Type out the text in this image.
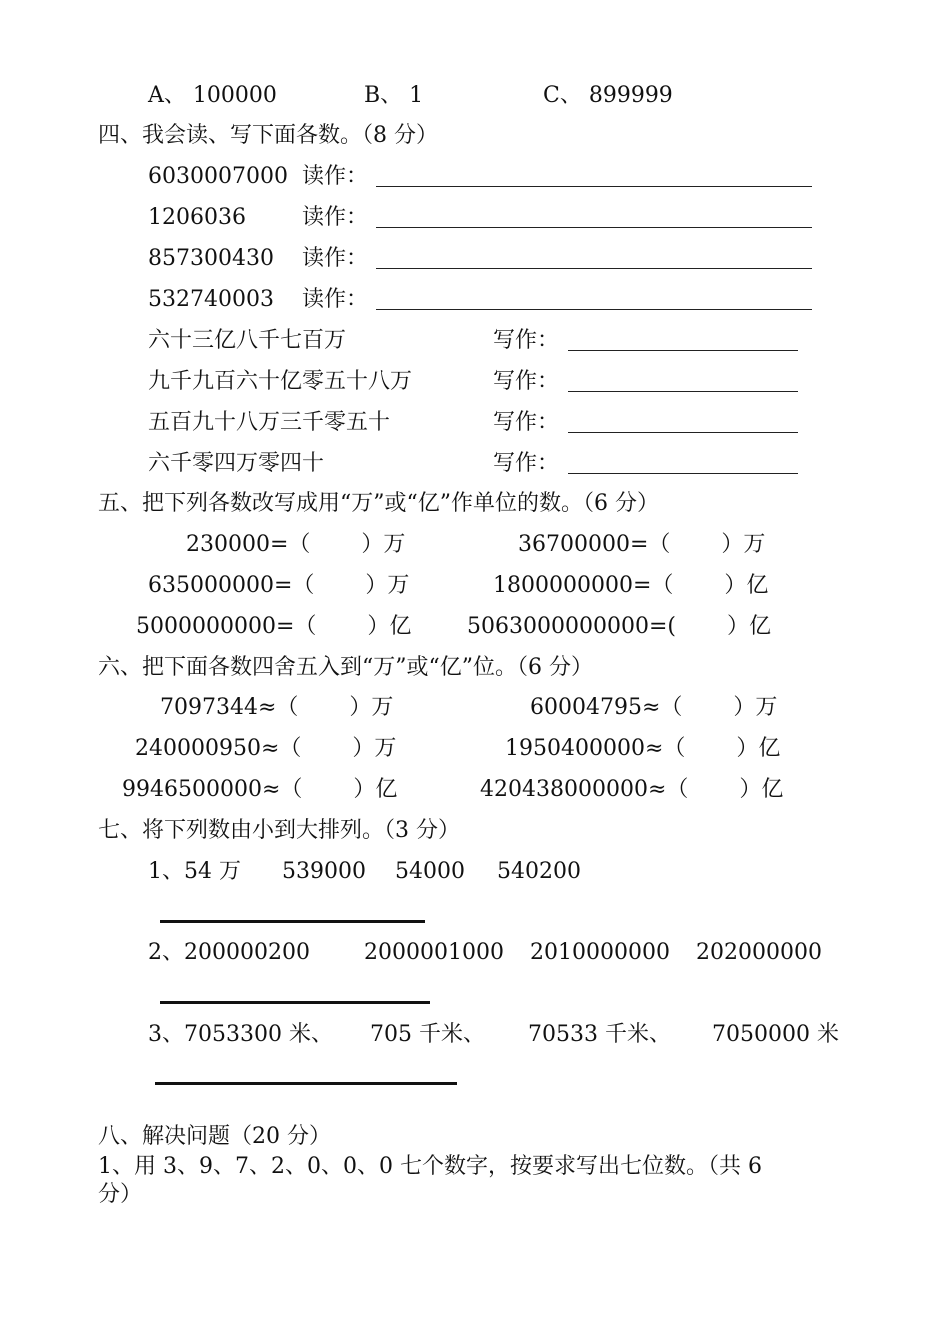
A、 100000	B、 1	C、 899999
四、我会读、写下面各数。（8 分）
6030007000 读作：
1206036	读作：
857300430 读作：
532740003 读作：
六十三亿八千七百万	写作：
九千九百六十亿零五十八万	写作：
五百九十八万三千零五十	写作：
六千零四万零四十	写作：
五、把下列各数改写成用“万”或“亿”作单位的数。（6 分）
230000=（　　 ）万	36700000=（　　 ）万
635000000=（　　 ）万	1800000000=（　　 ）亿
5000000000=（　　 ）亿	5063000000000=(　　 ）亿
六、把下面各数四舍五入到“万”或“亿”位。（6 分）
7097344≈（　　 ）万	60004795≈（　　 ）万
240000950≈（　　 ）万	1950400000≈（　　 ）亿
9946500000≈（　　 ）亿	420438000000≈（　　 ）亿
七、将下列数由小到大排列。（3 分）
1、54 万 539000 54000 540200
2、200000200 2000001000 2010000000 202000000
3、7053300 米、 705 千米、 70533 千米、 7050000 米
八、解决问题（20 分）
1、用 3、9、7、2、0、0、0 七个数字，按要求写出七位数。（共 6
分）
